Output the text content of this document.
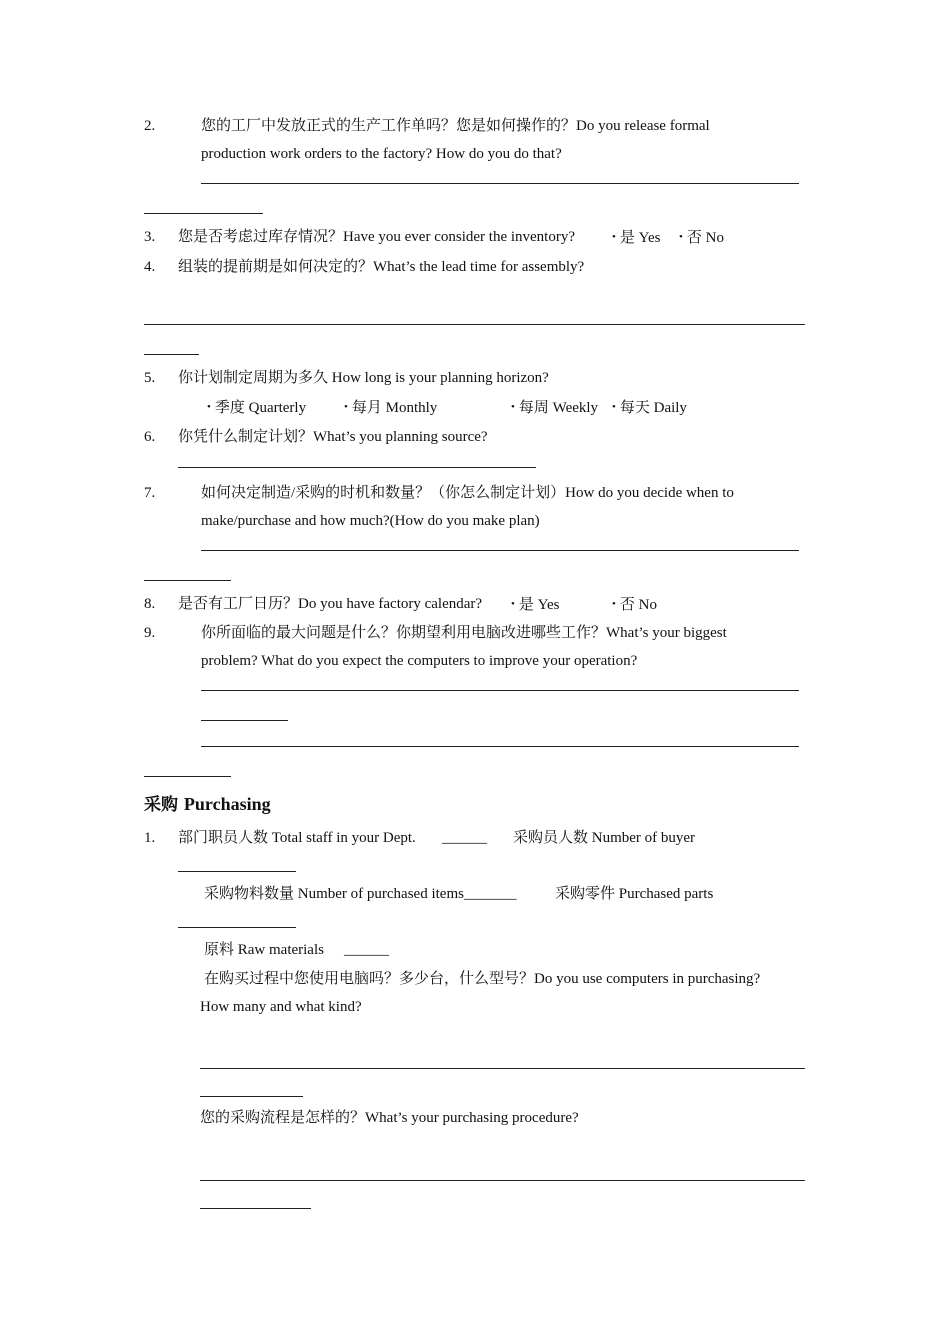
2.	您的工厂中发放正式的生产工作单吗？您是如何操作的？Do you release formal
production work orders to the factory? How do you do that?
3. 您是否考虑过库存情况？Have you ever consider the inventory?	• 是 Yes • 否 No
4. 组装的提前期是如何决定的？What’s the lead time for assembly?
5. 你计划制定周期为多久 How long is your planning horizon?
• 季度 Quarterly	• 每月 Monthly	• 每周 Weekly • 每天 Daily
6. 你凭什么制定计划？What’s you planning source?
7.	如何决定制造/采购的时机和数量？（你怎么制定计划）How do you decide when to
make/purchase and how much?(How do you make plan)
8. 是否有工厂日历？Do you have factory calendar?	• 是 Yes	• 否 No
9.	你所面临的最大问题是什么？你期望利用电脑改进哪些工作？What’s your biggest
problem? What do you expect the computers to improve your operation?
采购 Purchasing
1. 部门职员人数 Total staff in your Dept. ______ 采购员人数 Number of buyer
采购物料数量 Number of purchased items_______	采购零件 Purchased parts
原料 Raw materials ______
在购买过程中您使用电脑吗？多少台，什么型号？Do you use computers in purchasing?
How many and what kind?
您的采购流程是怎样的？What’s your purchasing procedure?
